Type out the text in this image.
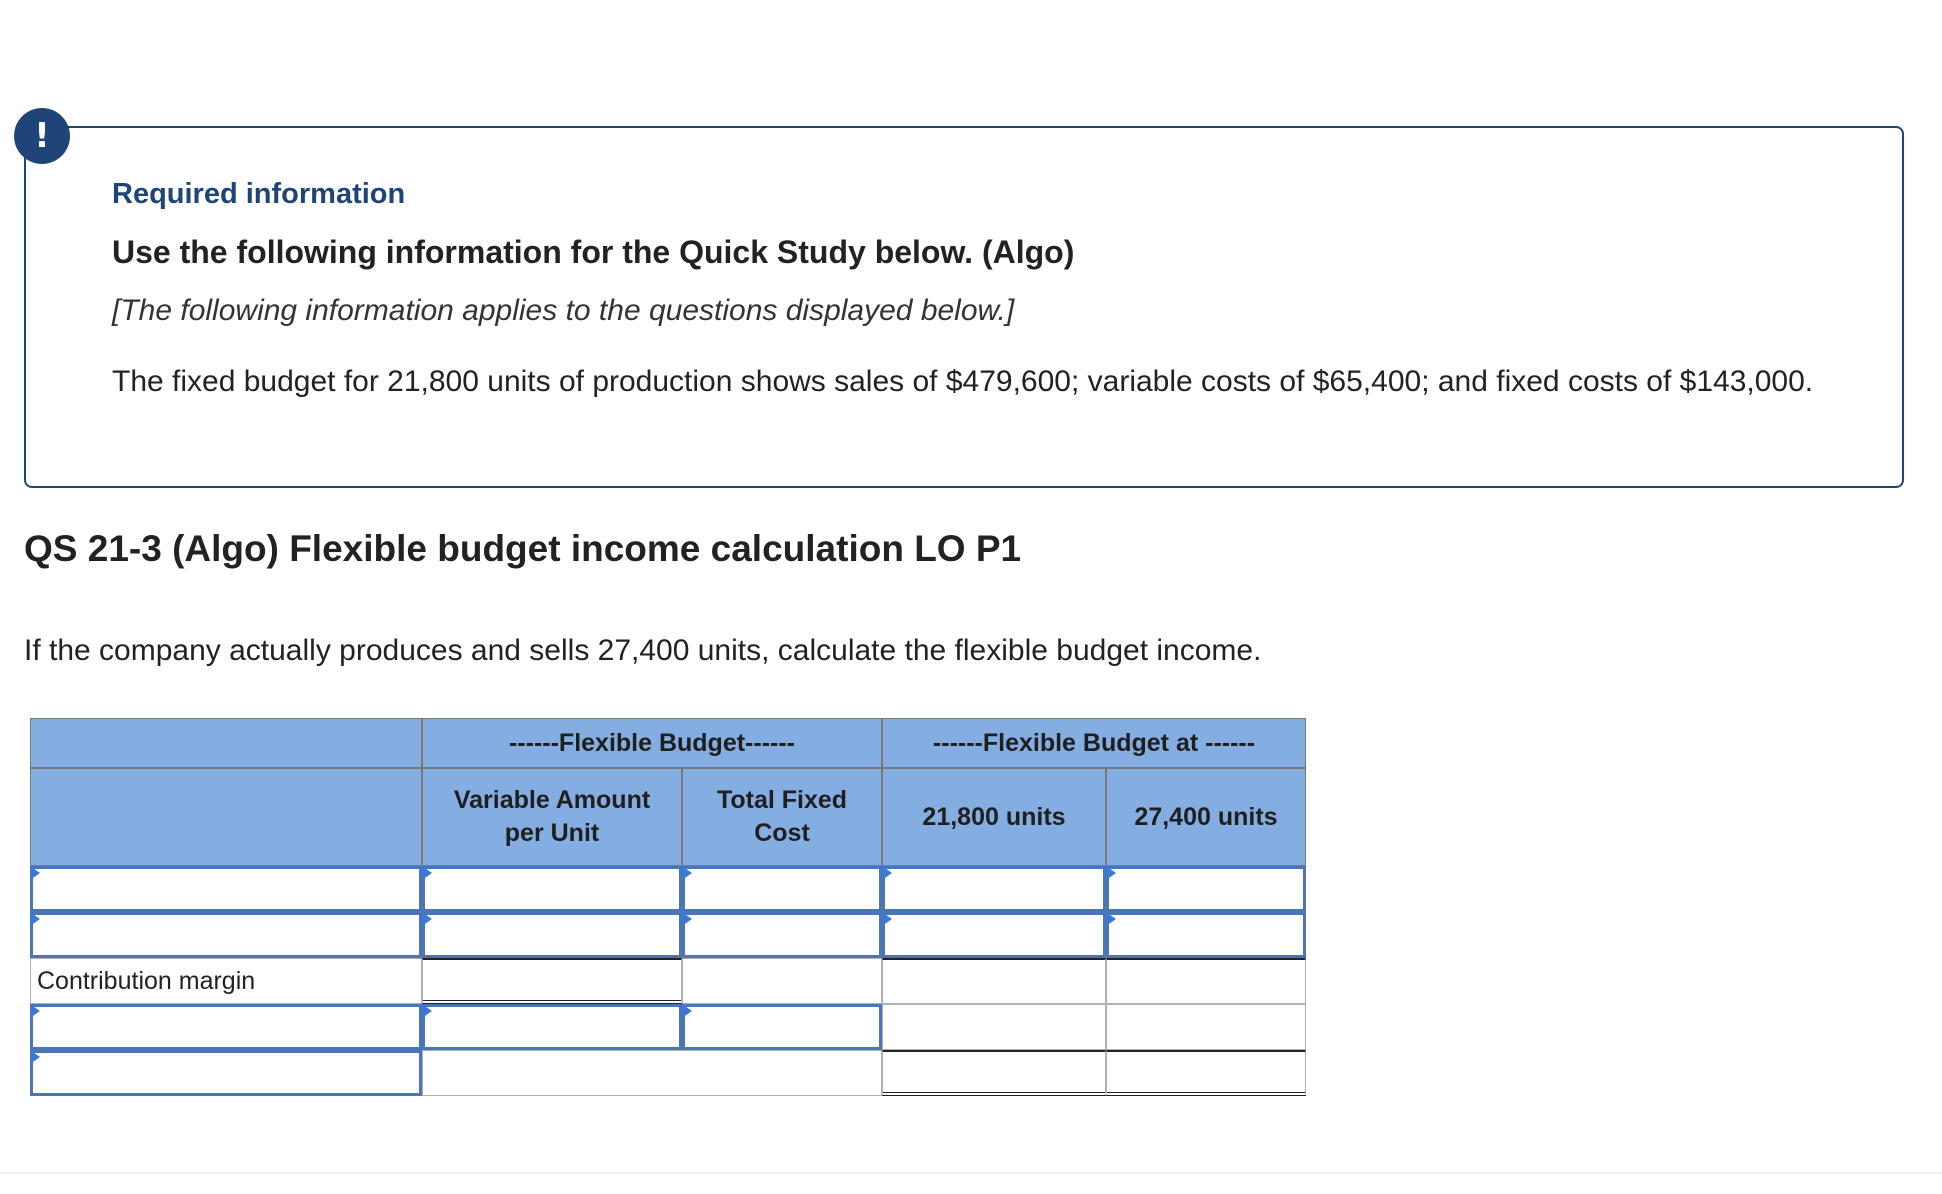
!
Required information
Use the following information for the Quick Study below. (Algo)
[The following information applies to the questions displayed below.]
The fixed budget for 21,800 units of production shows sales of $479,600; variable costs of $65,400; and fixed costs of $143,000.
QS 21-3 (Algo) Flexible budget income calculation LO P1
If the company actually produces and sells 27,400 units, calculate the flexible budget income.
------Flexible Budget------	------Flexible Budget at ------
Variable Amount per Unit
Total Fixed Cost
21,800 units	27,400 units
Contribution margin
